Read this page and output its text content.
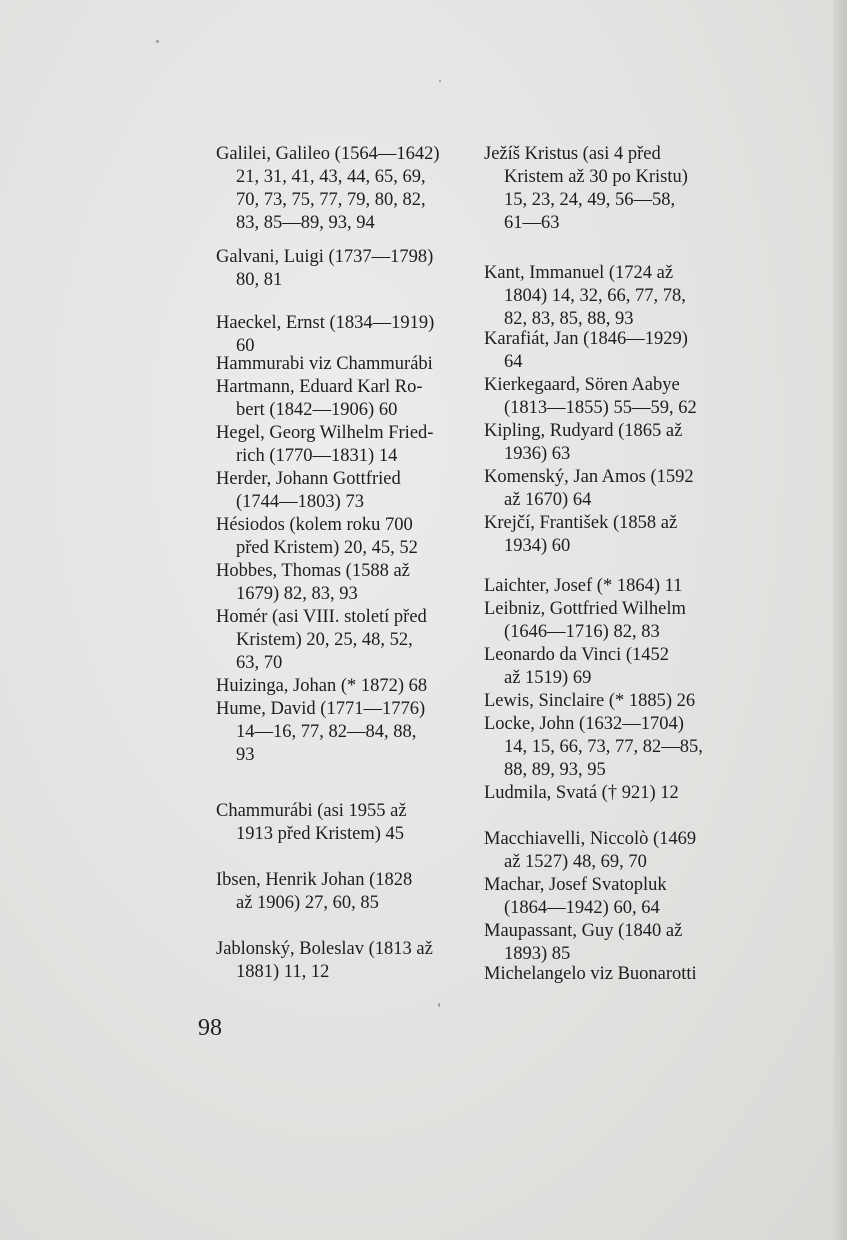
Galilei, Galileo (1564—1642)
21, 31, 41, 43, 44, 65, 69,
70, 73, 75, 77, 79, 80, 82,
83, 85—89, 93, 94
Galvani, Luigi (1737—1798)
80, 81
Haeckel, Ernst (1834—1919)
60
Hammurabi viz Chammurábi
Hartmann, Eduard Karl Ro-
bert (1842—1906) 60
Hegel, Georg Wilhelm Fried-
rich (1770—1831) 14
Herder, Johann Gottfried
(1744—1803) 73
Hésiodos (kolem roku 700
před Kristem) 20, 45, 52
Hobbes, Thomas (1588 až
1679) 82, 83, 93
Homér (asi VIII. století před
Kristem) 20, 25, 48, 52,
63, 70
Huizinga, Johan (* 1872) 68
Hume, David (1771—1776)
14—16, 77, 82—84, 88,
93
Chammurábi (asi 1955 až
1913 před Kristem) 45
Ibsen, Henrik Johan (1828
až 1906) 27, 60, 85
Jablonský, Boleslav (1813 až
1881) 11, 12
Ježíš Kristus (asi 4 před
Kristem až 30 po Kristu)
15, 23, 24, 49, 56—58,
61—63
Kant, Immanuel (1724 až
1804) 14, 32, 66, 77, 78,
82, 83, 85, 88, 93
Karafiát, Jan (1846—1929)
64
Kierkegaard, Sören Aabye
(1813—1855) 55—59, 62
Kipling, Rudyard (1865 až
1936) 63
Komenský, Jan Amos (1592
až 1670) 64
Krejčí, František (1858 až
1934) 60
Laichter, Josef (* 1864) 11
Leibniz, Gottfried Wilhelm
(1646—1716) 82, 83
Leonardo da Vinci (1452
až 1519) 69
Lewis, Sinclaire (* 1885) 26
Locke, John (1632—1704)
14, 15, 66, 73, 77, 82—85,
88, 89, 93, 95
Ludmila, Svatá († 921) 12
Macchiavelli, Niccolò (1469
až 1527) 48, 69, 70
Machar, Josef Svatopluk
(1864—1942) 60, 64
Maupassant, Guy (1840 až
1893) 85
Michelangelo viz Buonarotti
98
